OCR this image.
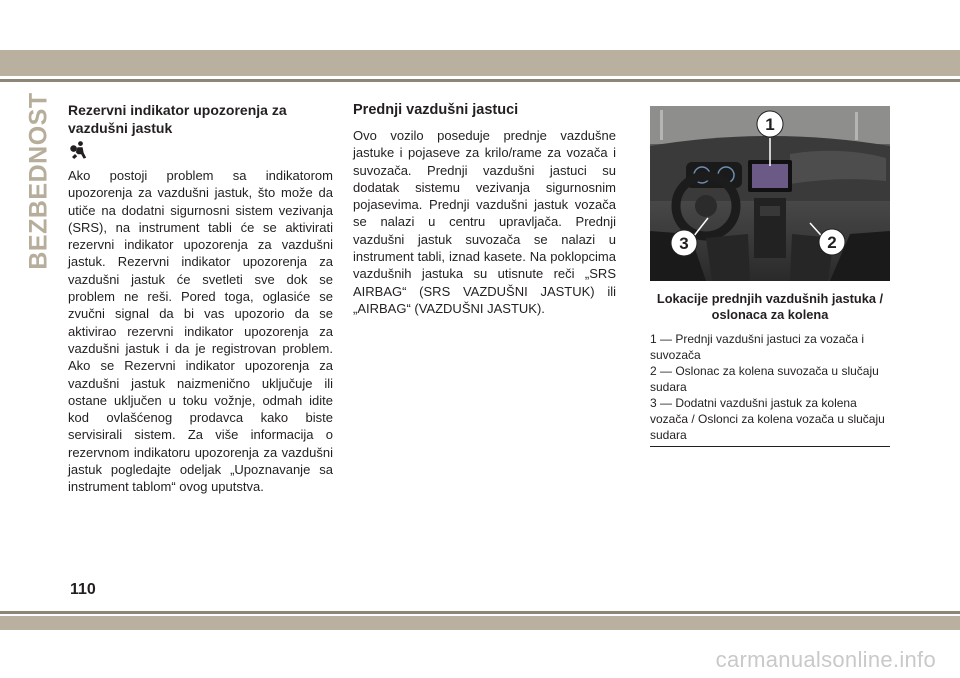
BEZBEDNOST Rezervni indikator upozorenja za vazdušni jastuk

Ako postoji problem sa indikatorom upozorenja za vazdušni jastuk, što može da utiče na dodatni sigurnosni sistem vezivanja (SRS), na instrument tabli će se aktivirati rezervni indikator upozorenja za vazdušni jastuk. Rezervni indikator upozorenja za vazdušni jastuk će svetleti sve dok se problem ne reši. Pored toga, oglasiće se zvučni signal da bi vas upozorio da se aktivirao rezervni indikator upozorenja za vazdušni jastuk i da je registrovan problem. Ako se Rezervni indikator upozorenja za vazdušni jastuk naizmenično uključuje ili ostane uključen u toku vožnje, odmah idite kod ovlašćenog prodavca kako biste servisirali sistem. Za više informacija o rezervnom indikatoru upozorenja za vazdušni jastuk pogledajte odeljak „Upoznavanje sa instrument tablom“ ovog uputstva.

Prednji vazdušni jastuci

Ovo vozilo poseduje prednje vazdušne jastuke i pojaseve za krilo/rame za vozača i suvozača. Prednji vazdušni jastuci su dodatak sistemu vezivanja sigurnosnim pojasevima. Prednji vazdušni jastuk vozača se nalazi u centru upravljača. Prednji vazdušni jastuk suvozača se nalazi u instrument tabli, iznad kasete. Na poklopcima vazdušnih jastuka su utisnute reči „SRS AIRBAG“ (SRS VAZDUŠNI JASTUK) ili „AIRBAG“ (VAZDUŠNI JASTUK).

1
2
3
Lokacije prednjih vazdušnih jastuka / oslonaca za kolena
1 — Prednji vazdušni jastuci za vozača i suvozača
2 — Oslonac za kolena suvozača u slučaju sudara
3 — Dodatni vazdušni jastuk za kolena vozača / Oslonci za kolena vozača u slučaju sudara
110
carmanualsonline.info
